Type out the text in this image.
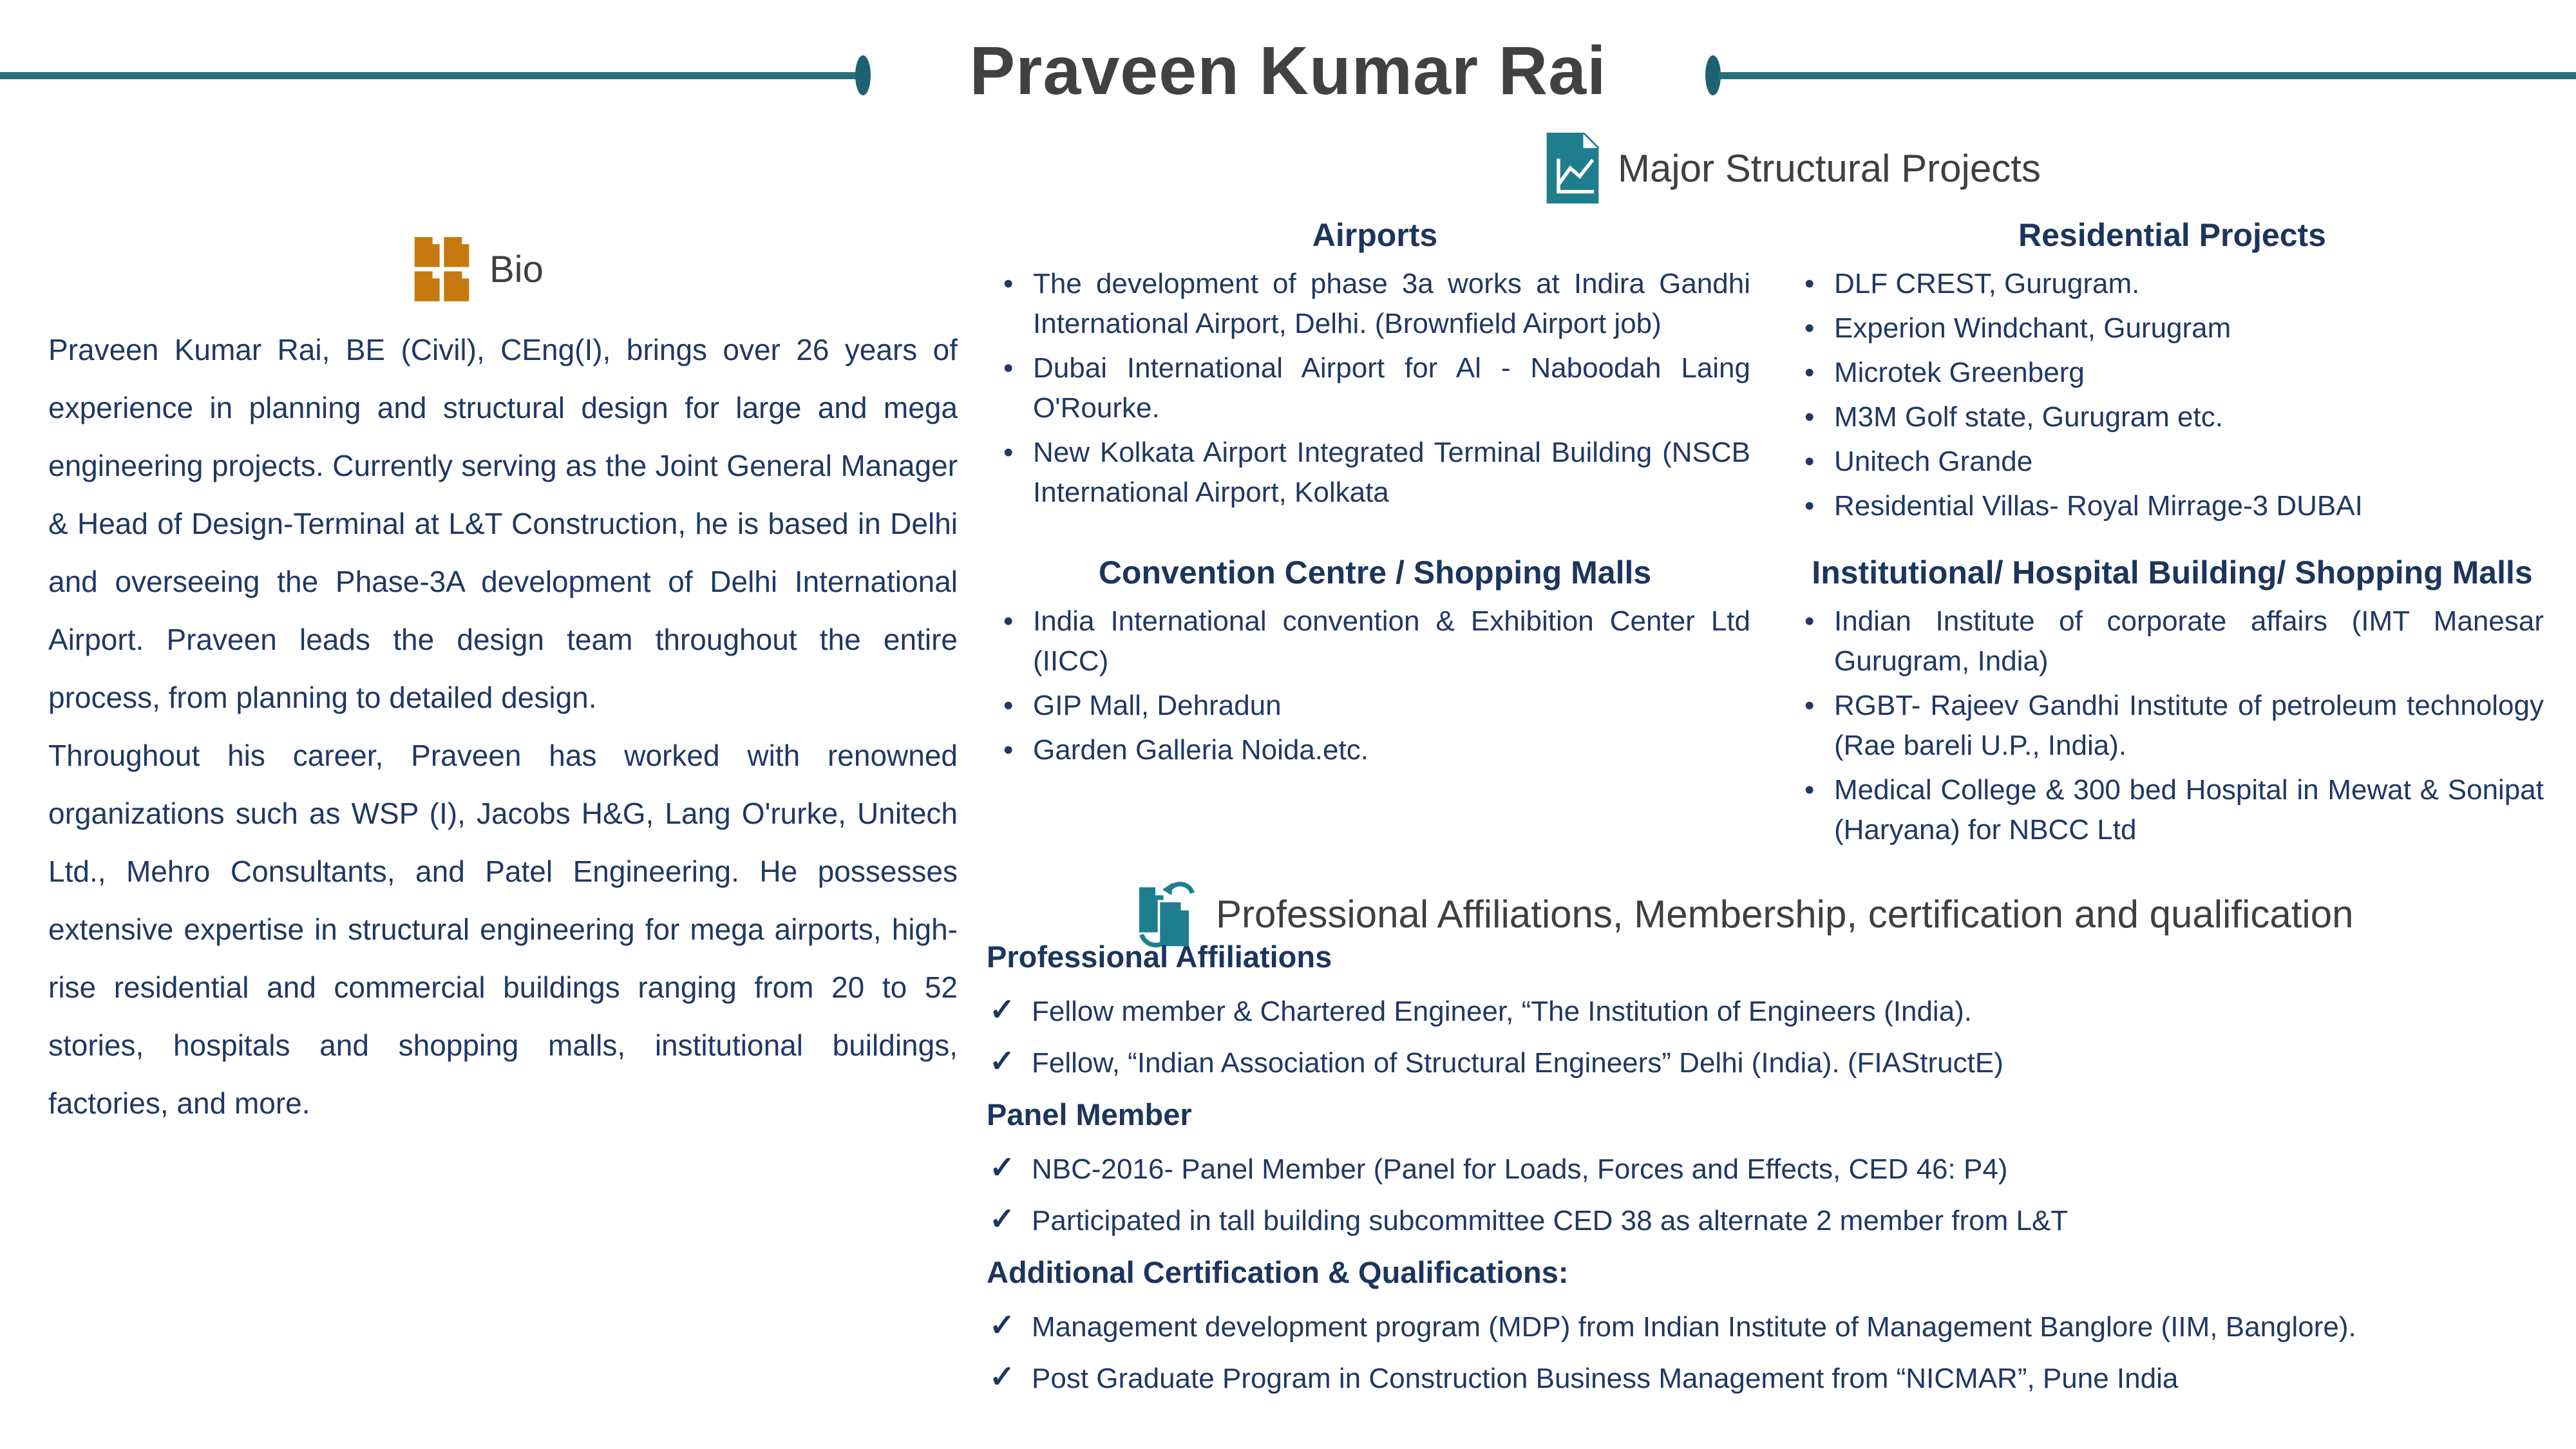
Praveen Kumar Rai
Bio

Praveen Kumar Rai, BE (Civil), CEng(I), brings over 26 years of experience in planning and structural design for large and mega engineering projects. Currently serving as the Joint General Manager & Head of Design-Terminal at L&T Construction, he is based in Delhi and overseeing the Phase-3A development of Delhi International Airport. Praveen leads the design team throughout the entire process, from planning to detailed design.

Throughout his career, Praveen has worked with renowned organizations such as WSP (I), Jacobs H&G, Lang O'rurke, Unitech Ltd., Mehro Consultants, and Patel Engineering. He possesses extensive expertise in structural engineering for mega airports, high-rise residential and commercial buildings ranging from 20 to 52 stories, hospitals and shopping malls, institutional buildings, factories, and more.

Major Structural Projects
Airports
• The development of phase 3a works at Indira Gandhi International Airport, Delhi. (Brownfield Airport job)
• Dubai International Airport for Al - Naboodah Laing O'Rourke.
• New Kolkata Airport Integrated Terminal Building (NSCB International Airport, Kolkata
Residential Projects
• DLF CREST, Gurugram.
• Experion Windchant, Gurugram
• Microtek Greenberg
• M3M Golf state, Gurugram etc.
• Unitech Grande
• Residential Villas- Royal Mirrage-3 DUBAI
Convention Centre / Shopping Malls
• India International convention & Exhibition Center Ltd (IICC)
• GIP Mall, Dehradun
• Garden Galleria Noida.etc.
Institutional/ Hospital Building/ Shopping Malls
• Indian Institute of corporate affairs (IMT Manesar Gurugram, India)
• RGBT- Rajeev Gandhi Institute of petroleum technology (Rae bareli U.P., India).
• Medical College & 300 bed Hospital in Mewat & Sonipat (Haryana) for NBCC Ltd
Professional Affiliations, Membership, certification and qualification
Professional Affiliations
✓ Fellow member & Chartered Engineer, “The Institution of Engineers (India).
✓ Fellow, “Indian Association of Structural Engineers” Delhi (India). (FIAStructE)
Panel Member
✓ NBC-2016- Panel Member (Panel for Loads, Forces and Effects, CED 46: P4)
✓ Participated in tall building subcommittee CED 38 as alternate 2 member from L&T
Additional Certification & Qualifications:
✓ Management development program (MDP) from Indian Institute of Management Banglore (IIM, Banglore).
✓ Post Graduate Program in Construction Business Management from “NICMAR”, Pune India
